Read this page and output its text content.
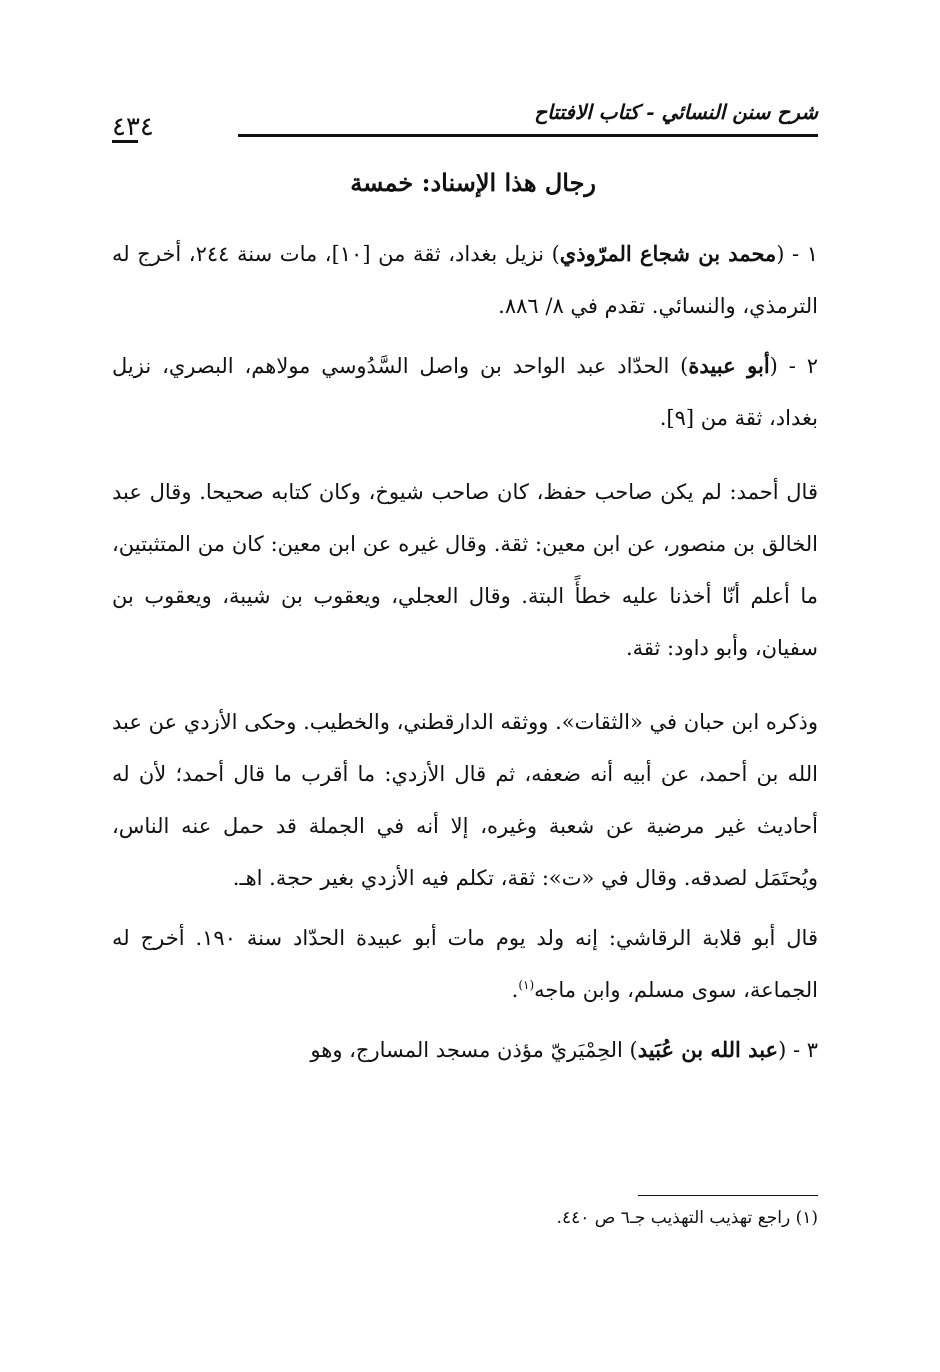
شرح سنن النسائي - كتاب الافتتاح
٤٣٤
رجال هذا الإسناد: خمسة

١ - (محمد بن شجاع المرّوذي) نزيل بغداد، ثقة من [١٠]، مات سنة ٢٤٤، أخرج له الترمذي، والنسائي. تقدم في ٨/ ٨٨٦.

٢ - (أبو عبيدة) الحدّاد عبد الواحد بن واصل السَّدُوسي مولاهم، البصري، نزيل بغداد، ثقة من [٩].

قال أحمد: لم يكن صاحب حفظ، كان صاحب شيوخ، وكان كتابه صحيحا. وقال عبد الخالق بن منصور، عن ابن معين: ثقة. وقال غيره عن ابن معين: كان من المتثبتين، ما أعلم أنّا أخذنا عليه خطأً البتة. وقال العجلي، ويعقوب بن شيبة، ويعقوب بن سفيان، وأبو داود: ثقة.

وذكره ابن حبان في «الثقات». ووثقه الدارقطني، والخطيب. وحكى الأزدي عن عبد الله بن أحمد، عن أبيه أنه ضعفه، ثم قال الأزدي: ما أقرب ما قال أحمد؛ لأن له أحاديث غير مرضية عن شعبة وغيره، إلا أنه في الجملة قد حمل عنه الناس، ويُحتَمَل لصدقه. وقال في «ت»: ثقة، تكلم فيه الأزدي بغير حجة. اهـ.

قال أبو قلابة الرقاشي: إنه ولد يوم مات أبو عبيدة الحدّاد سنة ١٩٠. أخرج له الجماعة، سوى مسلم، وابن ماجه$^{(١)}$.

٣ - (عبد الله بن عُبَيد) الحِمْيَريّ مؤذن مسجد المسارج، وهو

(١) راجع تهذيب التهذيب جـ٦ ص ٤٤٠.
